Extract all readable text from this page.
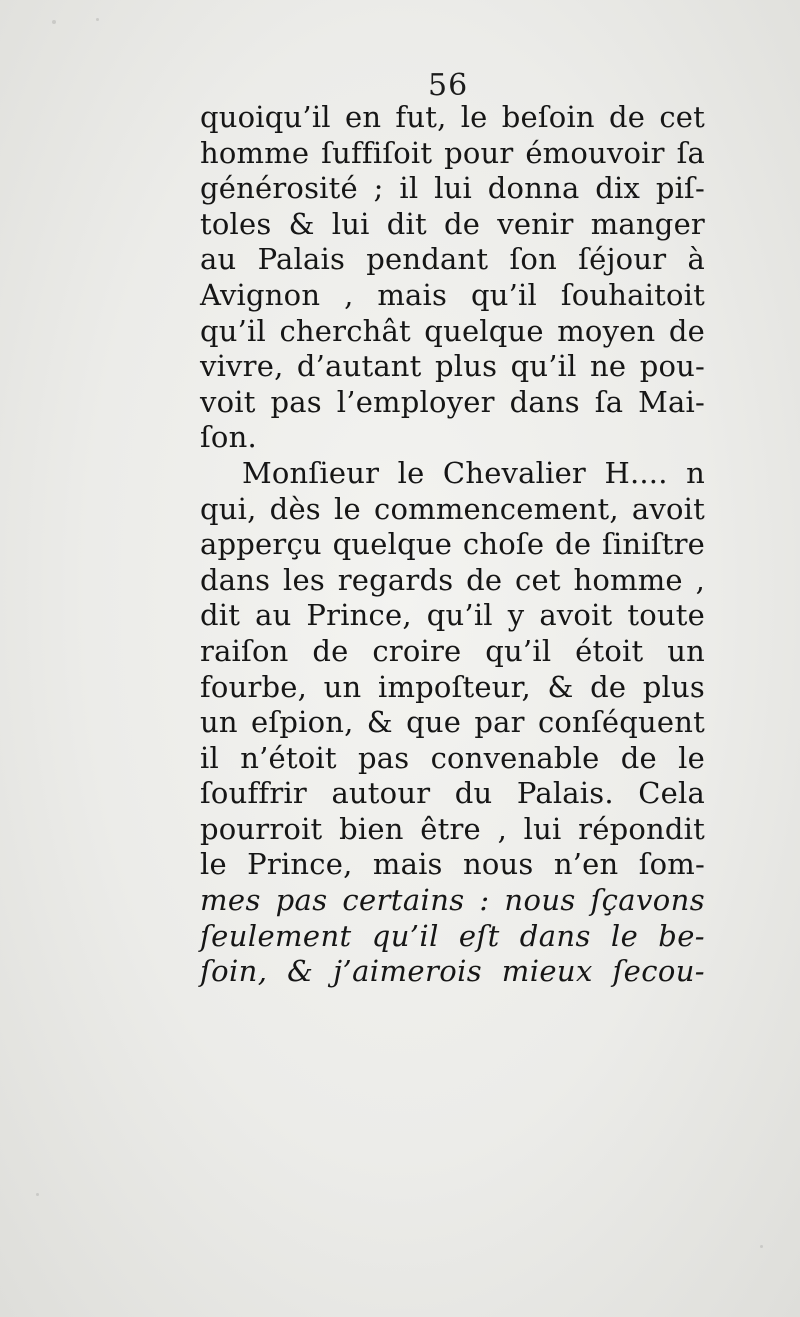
56
quoiqu’il en fut, le beſoin de cet
homme ſuffiſoit pour émouvoir ſa
générosité ; il lui donna dix piſ-
toles & lui dit de venir manger
au Palais pendant ſon ſéjour à
Avignon , mais qu’il ſouhaitoit
qu’il cherchât quelque moyen de
vivre, d’autant plus qu’il ne pou-
voit pas l’employer dans ſa Mai-
ſon.
Monſieur le Chevalier H.... n
qui, dès le commencement, avoit
apperçu quelque choſe de ſiniſtre
dans les regards de cet homme ,
dit au Prince, qu’il y avoit toute
raiſon de croire qu’il étoit un
fourbe, un impoſteur, & de plus
un eſpion, & que par conſéquent
il n’étoit pas convenable de le
ſouffrir autour du Palais. Cela
pourroit bien être , lui répondit
le Prince, mais nous n’en ſom-
mes pas certains : nous ſçavons
ſeulement qu’il eſt dans le be-
ſoin, & j’aimerois mieux ſecou-
